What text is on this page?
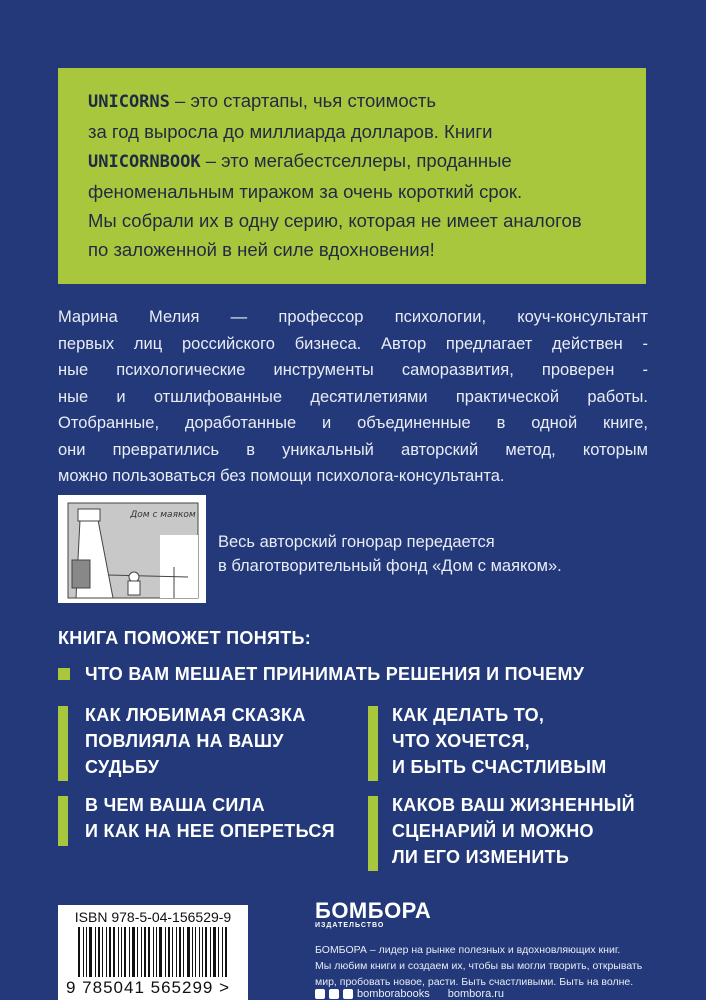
UNICORNS – это стартапы, чья стоимость
за год выросла до миллиарда долларов. Книги
UNICORNBOOK – это мегабестселлеры, проданные
феноменальным тиражом за очень короткий срок.
Мы собрали их в одну серию, которая не имеет аналогов
по заложенной в ней силе вдохновения!
Марина Мелия — профессор психологии, коуч-консультант
первых лиц российского бизнеса. Автор предлагает действен -
ные психологические инструменты саморазвития, проверен -
ные и отшлифованные десятилетиями практической работы.
Отобранные, доработанные и объединенные в одной книге,
они превратились в уникальный авторский метод, которым
можно пользоваться без помощи психолога-консультанта.
Дом с маяком
Весь авторский гонорар передается
в благотворительный фонд «Дом с маяком».
КНИГА ПОМОЖЕТ ПОНЯТЬ:
ЧТО ВАМ МЕШАЕТ ПРИНИМАТЬ РЕШЕНИЯ И ПОЧЕМУ
КАК ЛЮБИМАЯ СКАЗКА
ПОВЛИЯЛА НА ВАШУ
СУДЬБУ
КАК ДЕЛАТЬ ТО,
ЧТО ХОЧЕТСЯ,
И БЫТЬ СЧАСТЛИВЫМ
В ЧЕМ ВАША СИЛА
И КАК НА НЕЕ ОПЕРЕТЬСЯ
КАКОВ ВАШ ЖИЗНЕННЫЙ
СЦЕНАРИЙ И МОЖНО
ЛИ ЕГО ИЗМЕНИТЬ
ISBN 978-5-04-156529-9
9 785041 565299 >
БОМБОРА
ИЗДАТЕЛЬСТВО
БОМБОРА – лидер на рынке полезных и вдохновляющих книг.
Мы любим книги и создаем их, чтобы вы могли творить, открывать
мир, пробовать новое, расти. Быть счастливыми. Быть на волне.
bombоrabooks bombora.ru
